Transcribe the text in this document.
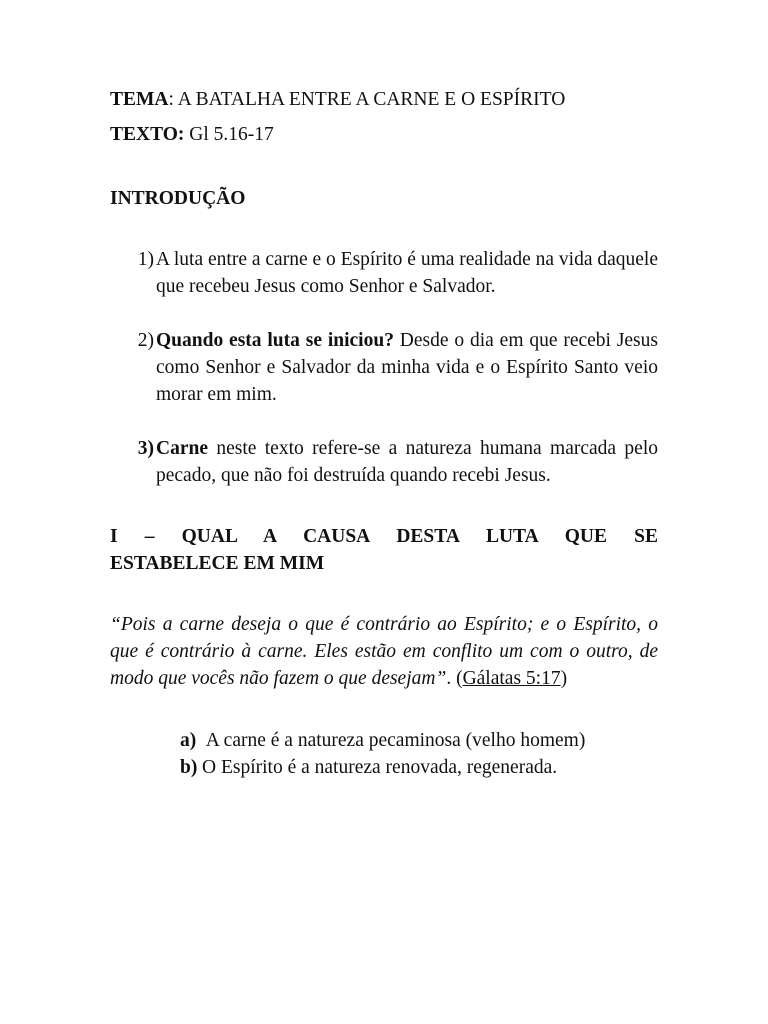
TEMA: A BATALHA ENTRE A CARNE E O ESPÍRITO

TEXTO: Gl 5.16-17

INTRODUÇÃO

1) A luta entre a carne e o Espírito é uma realidade na vida daquele que recebeu Jesus como Senhor e Salvador.
2) Quando esta luta se iniciou? Desde o dia em que recebi Jesus como Senhor e Salvador da minha vida e o Espírito Santo veio morar em mim.
3) Carne neste texto refere-se a natureza humana marcada pelo pecado, que não foi destruída quando recebi Jesus.

I – QUAL A CAUSA DESTA LUTA QUE SE
ESTABELECE EM MIM

“Pois a carne deseja o que é contrário ao Espírito; e o Espírito, o que é contrário à carne. Eles estão em conflito um com o outro, de modo que vocês não fazem o que desejam”. (Gálatas 5:17)

a) A carne é a natureza pecaminosa (velho homem)
b) O Espírito é a natureza renovada, regenerada.
